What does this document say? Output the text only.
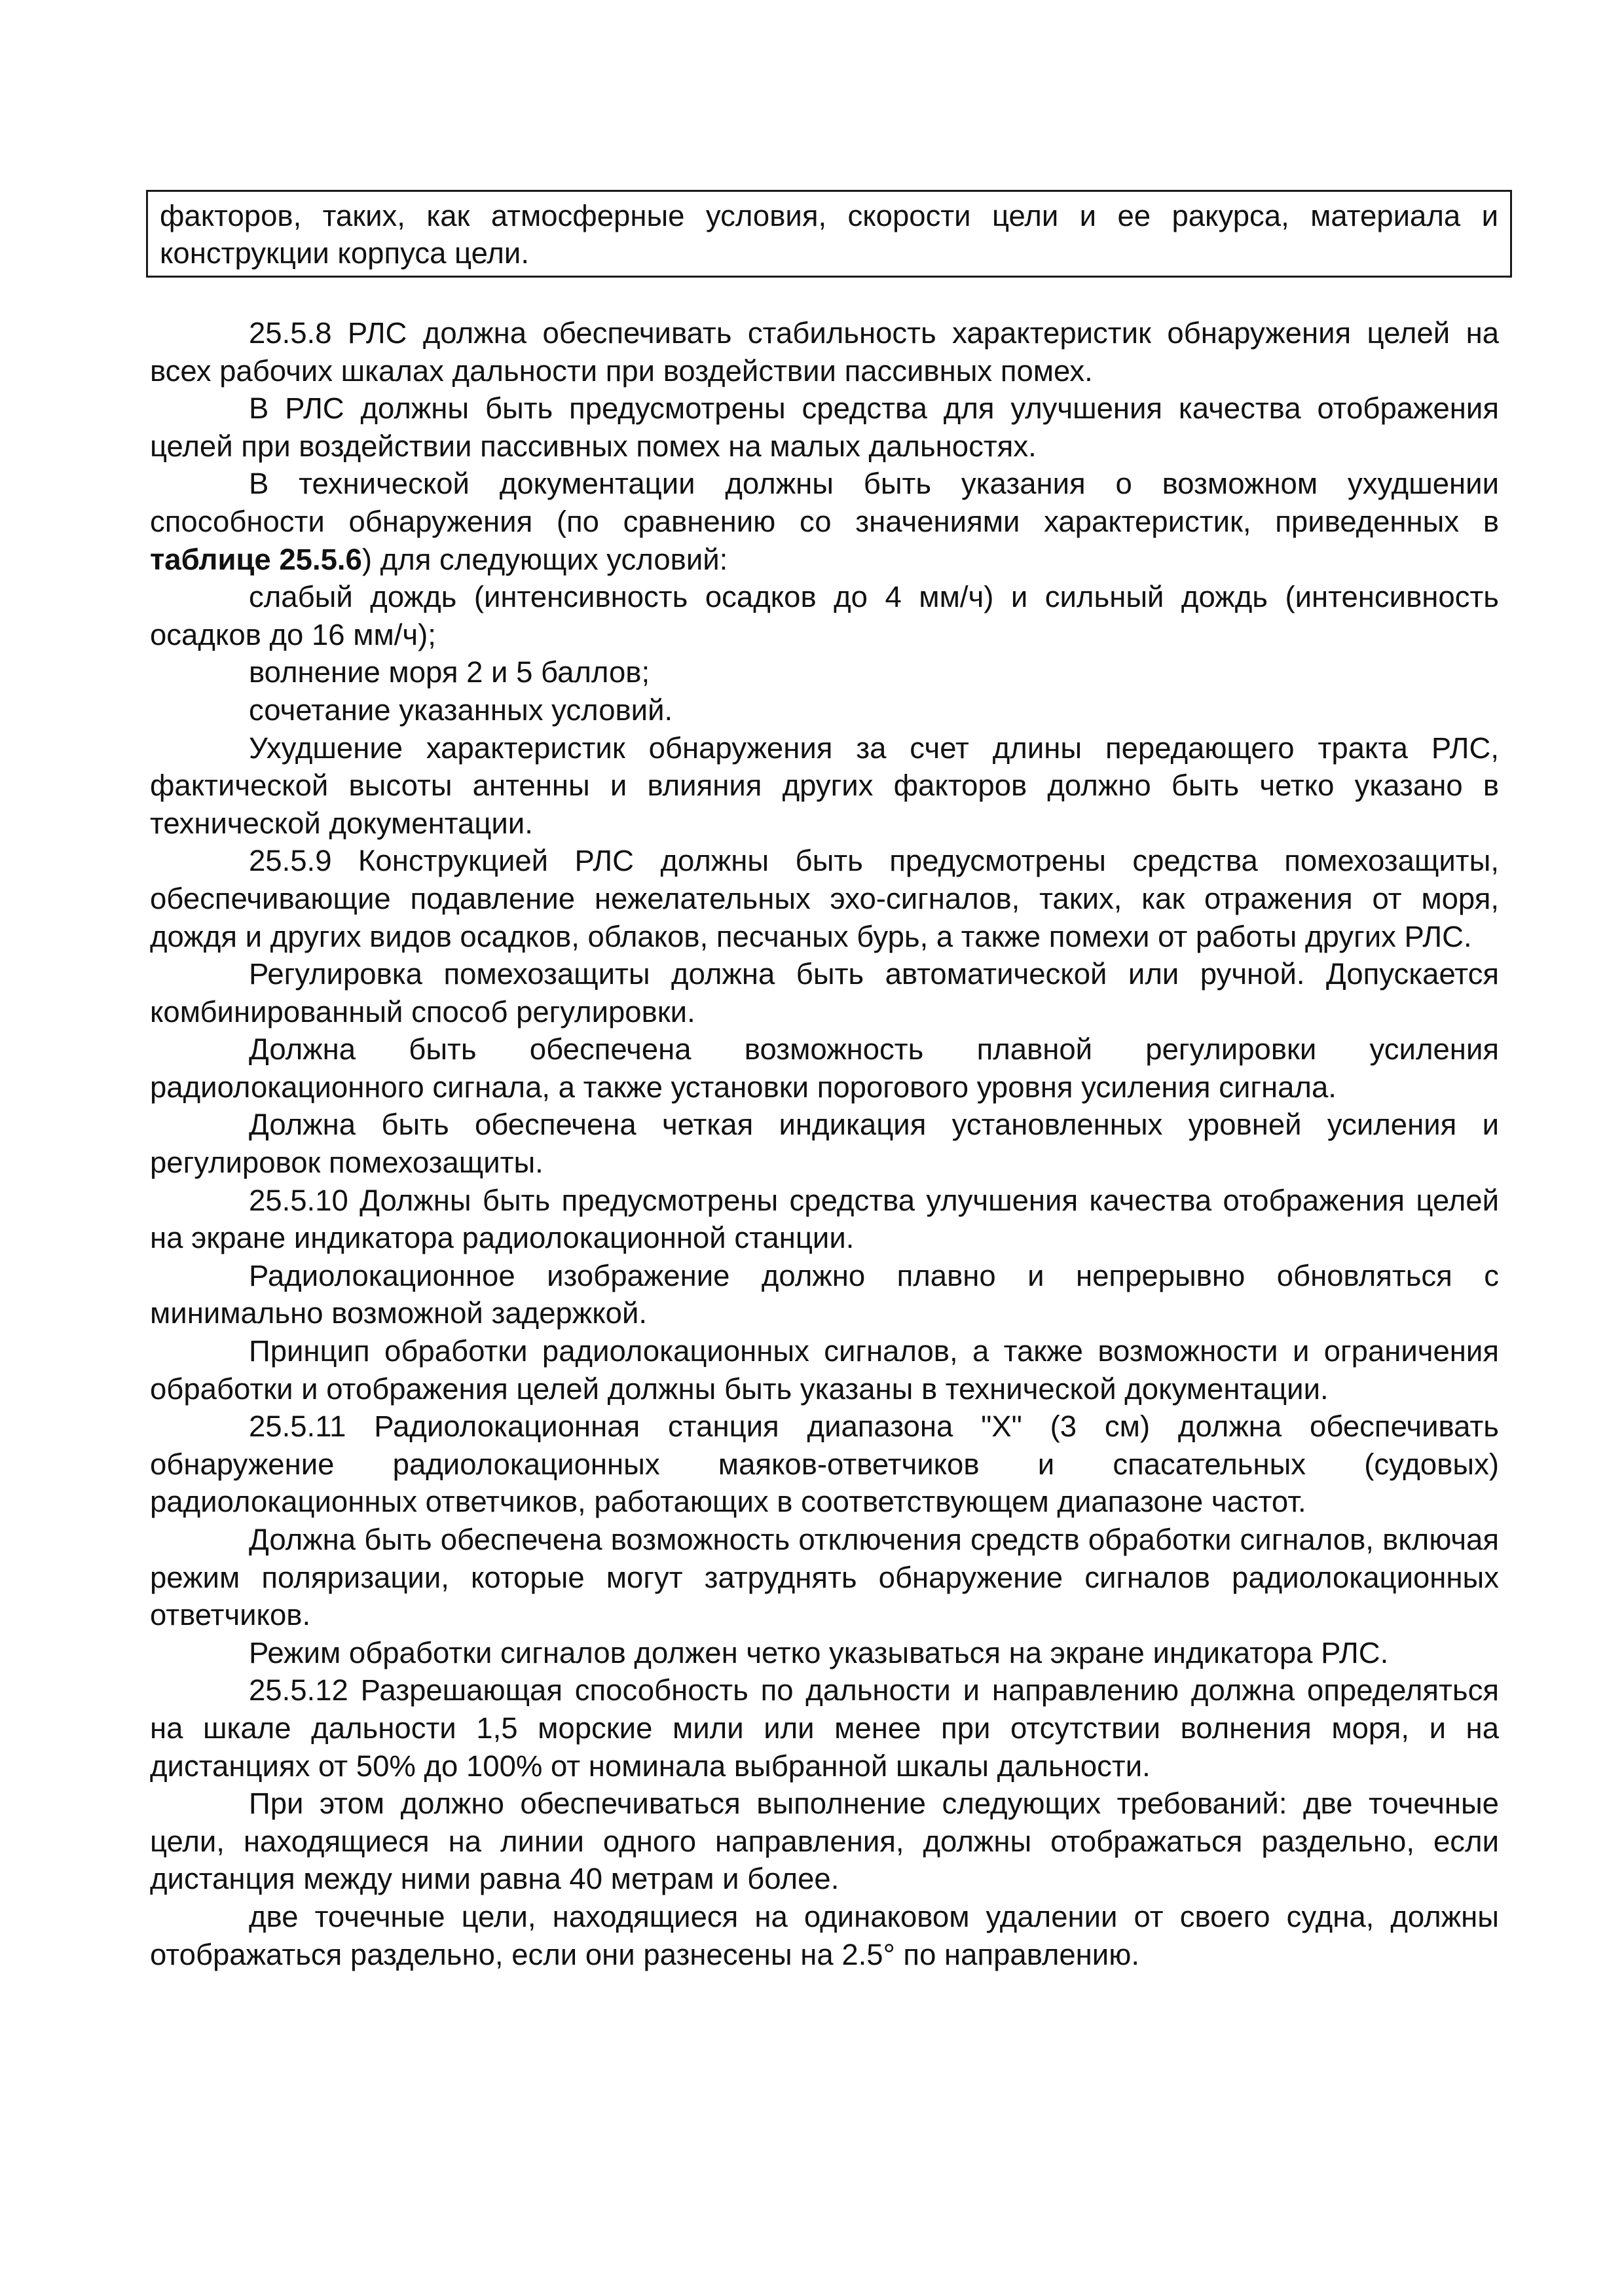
факторов, таких, как атмосферные условия, скорости цели и ее ракурса, материала и конструкции корпуса цели.

25.5.8 РЛС должна обеспечивать стабильность характеристик обнаружения целей на всех рабочих шкалах дальности при воздействии пассивных помех.

В РЛС должны быть предусмотрены средства для улучшения качества отображения целей при воздействии пассивных помех на малых дальностях.

В технической документации должны быть указания о возможном ухудшении способности обнаружения (по сравнению со значениями характеристик, приведенных в таблице 25.5.6) для следующих условий:

слабый дождь (интенсивность осадков до 4 мм/ч) и сильный дождь (интенсивность осадков до 16 мм/ч);

волнение моря 2 и 5 баллов;

сочетание указанных условий.

Ухудшение характеристик обнаружения за счет длины передающего тракта РЛС, фактической высоты антенны и влияния других факторов должно быть четко указано в технической документации.

25.5.9 Конструкцией РЛС должны быть предусмотрены средства помехозащиты, обеспечивающие подавление нежелательных эхо-сигналов, таких, как отражения от моря, дождя и других видов осадков, облаков, песчаных бурь, а также помехи от работы других РЛС.

Регулировка помехозащиты должна быть автоматической или ручной. Допускается комбинированный способ регулировки.

Должна быть обеспечена возможность плавной регулировки усиления радиолокационного сигнала, а также установки порогового уровня усиления сигнала.

Должна быть обеспечена четкая индикация установленных уровней усиления и регулировок помехозащиты.

25.5.10 Должны быть предусмотрены средства улучшения качества отображения целей на экране индикатора радиолокационной станции.

Радиолокационное изображение должно плавно и непрерывно обновляться с минимально возможной задержкой.

Принцип обработки радиолокационных сигналов, а также возможности и ограничения обработки и отображения целей должны быть указаны в технической документации.

25.5.11 Радиолокационная станция диапазона "Х" (3 см) должна обеспечивать обнаружение радиолокационных маяков-ответчиков и спасательных (судовых) радиолокационных ответчиков, работающих в соответствующем диапазоне частот.

Должна быть обеспечена возможность отключения средств обработки сигналов, включая режим поляризации, которые могут затруднять обнаружение сигналов радиолокационных ответчиков.

Режим обработки сигналов должен четко указываться на экране индикатора РЛС.

25.5.12 Разрешающая способность по дальности и направлению должна определяться на шкале дальности 1,5 морские мили или менее при отсутствии волнения моря, и на дистанциях от 50% до 100% от номинала выбранной шкалы дальности.

При этом должно обеспечиваться выполнение следующих требований: две точечные цели, находящиеся на линии одного направления, должны отображаться раздельно, если дистанция между ними равна 40 метрам и более.

две точечные цели, находящиеся на одинаковом удалении от своего судна, должны отображаться раздельно, если они разнесены на 2.5° по направлению.
